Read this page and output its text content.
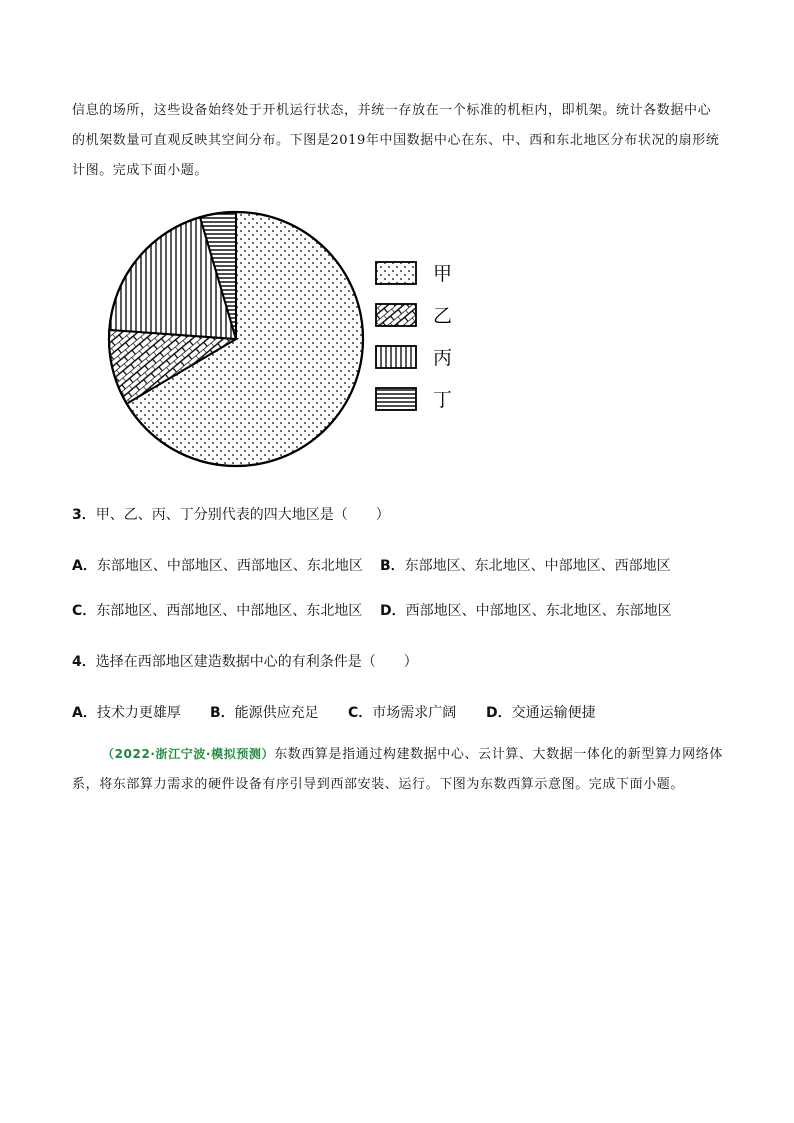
信息的场所，这些设备始终处于开机运行状态，并统一存放在一个标准的机柜内，即机架。统计各数据中心的机架数量可直观反映其空间分布。下图是2019年中国数据中心在东、中、西和东北地区分布状况的扇形统计图。完成下面小题。
甲
乙
丙
丁
3．甲、乙、丙、丁分别代表的四大地区是（　　）
A．东部地区、中部地区、西部地区、东北地区 B．东部地区、东北地区、中部地区、西部地区
C．东部地区、西部地区、中部地区、东北地区 D．西部地区、中部地区、东北地区、东部地区
4．选择在西部地区建造数据中心的有利条件是（　　）
A．技术力更雄厚 B．能源供应充足 C．市场需求广阔 D．交通运输便捷
（2022·浙江宁波·模拟预测）东数西算是指通过构建数据中心、云计算、大数据一体化的新型算力网络体系，将东部算力需求的硬件设备有序引导到西部安装、运行。下图为东数西算示意图。完成下面小题。
